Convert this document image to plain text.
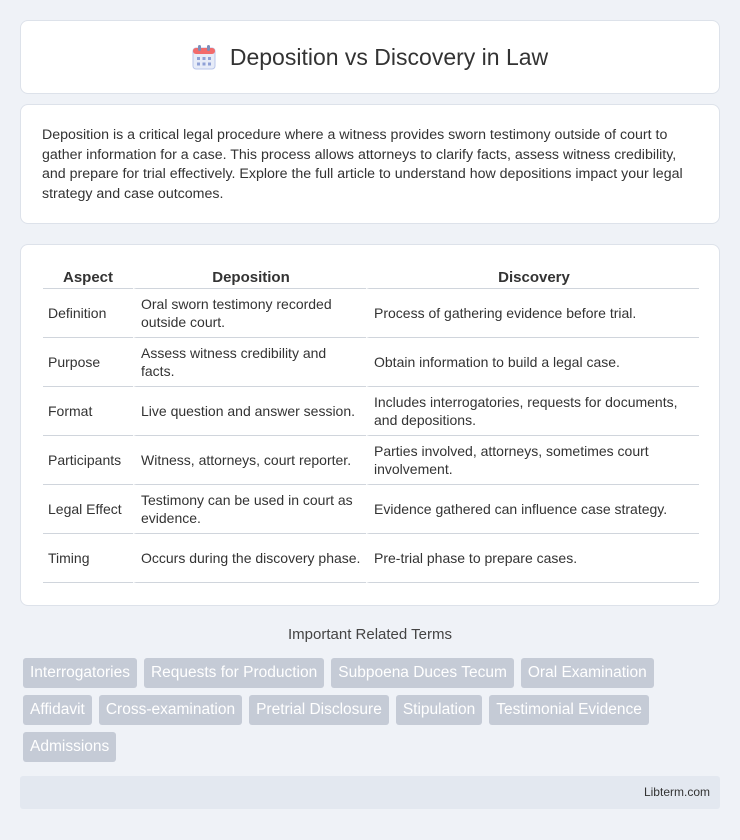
Deposition vs Discovery in Law

Deposition is a critical legal procedure where a witness provides sworn testimony outside of court to gather information for a case. This process allows attorneys to clarify facts, assess witness credibility, and prepare for trial effectively. Explore the full article to understand how depositions impact your legal strategy and case outcomes.

Aspect	Deposition	Discovery
Definition	Oral sworn testimony recorded outside court.	Process of gathering evidence before trial.
Purpose	Assess witness credibility and facts.	Obtain information to build a legal case.
Format	Live question and answer session.	Includes interrogatories, requests for documents, and depositions.
Participants	Witness, attorneys, court reporter.	Parties involved, attorneys, sometimes court involvement.
Legal Effect	Testimony can be used in court as evidence.	Evidence gathered can influence case strategy.
Timing	Occurs during the discovery phase.	Pre-trial phase to prepare cases.
Important Related Terms
Interrogatories	Requests for Production	Subpoena Duces Tecum	Oral Examination
Affidavit	Cross-examination	Pretrial Disclosure	Stipulation	Testimonial Evidence
Admissions
Libterm.com
